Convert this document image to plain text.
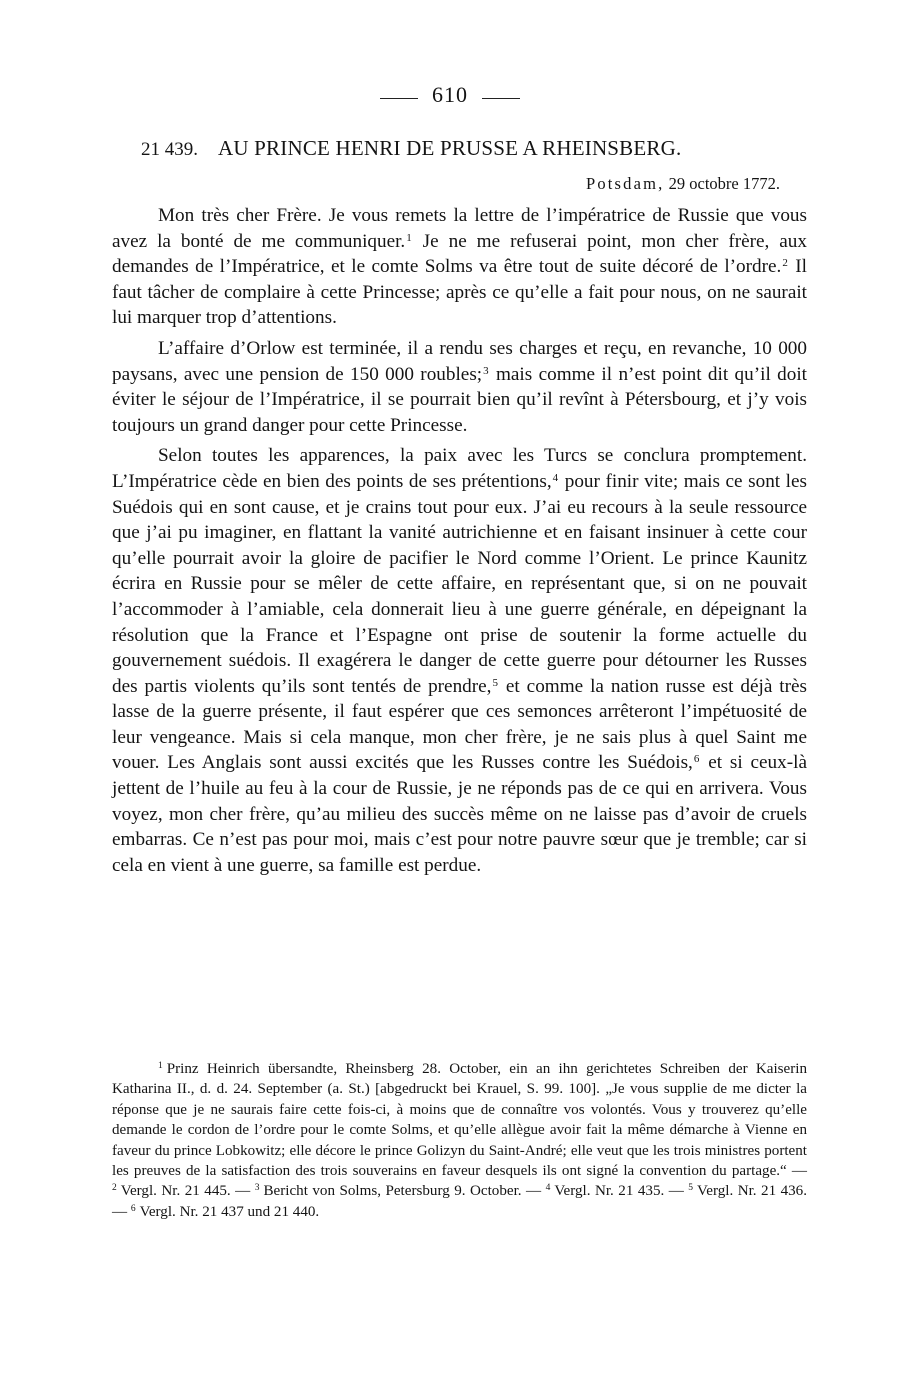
610
21 439. AU PRINCE HENRI DE PRUSSE A RHEINSBERG.
Potsdam, 29 octobre 1772.

Mon très cher Frère. Je vous remets la lettre de l’impératrice de Russie que vous avez la bonté de me communiquer.$^1$ Je ne me refuserai point, mon cher frère, aux demandes de l’Impératrice, et le comte Solms va être tout de suite décoré de l’ordre.$^2$ Il faut tâcher de complaire à cette Princesse; après ce qu’elle a fait pour nous, on ne saurait lui marquer trop d’attentions.

L’affaire d’Orlow est terminée, il a rendu ses charges et reçu, en revanche, 10 000 paysans, avec une pension de 150 000 roubles;$^3$ mais comme il n’est point dit qu’il doit éviter le séjour de l’Impératrice, il se pourrait bien qu’il revînt à Pétersbourg, et j’y vois toujours un grand danger pour cette Princesse.

Selon toutes les apparences, la paix avec les Turcs se conclura promptement. L’Impératrice cède en bien des points de ses prétentions,$^4$ pour finir vite; mais ce sont les Suédois qui en sont cause, et je crains tout pour eux. J’ai eu recours à la seule ressource que j’ai pu imaginer, en flattant la vanité autrichienne et en faisant insinuer à cette cour qu’elle pourrait avoir la gloire de pacifier le Nord comme l’Orient. Le prince Kaunitz écrira en Russie pour se mêler de cette affaire, en représentant que, si on ne pouvait l’accommoder à l’amiable, cela donnerait lieu à une guerre générale, en dépeignant la résolution que la France et l’Espagne ont prise de soutenir la forme actuelle du gouvernement suédois. Il exagérera le danger de cette guerre pour détourner les Russes des partis violents qu’ils sont tentés de prendre,$^5$ et comme la nation russe est déjà très lasse de la guerre présente, il faut espérer que ces semonces arrêteront l’impétuosité de leur vengeance. Mais si cela manque, mon cher frère, je ne sais plus à quel Saint me vouer. Les Anglais sont aussi excités que les Russes contre les Suédois,$^6$ et si ceux-là jettent de l’huile au feu à la cour de Russie, je ne réponds pas de ce qui en arrivera. Vous voyez, mon cher frère, qu’au milieu des succès même on ne laisse pas d’avoir de cruels embarras. Ce n’est pas pour moi, mais c’est pour notre pauvre sœur que je tremble; car si cela en vient à une guerre, sa famille est perdue.

$^1$ Prinz Heinrich übersandte, Rheinsberg 28. October, ein an ihn gerichtetes Schreiben der Kaiserin Katharina II., d. d. 24. September (a. St.) [abgedruckt bei Krauel, S. 99. 100]. „Je vous supplie de me dicter la réponse que je ne saurais faire cette fois-ci, à moins que de connaître vos volontés. Vous y trouverez qu’elle demande le cordon de l’ordre pour le comte Solms, et qu’elle allègue avoir fait la même démarche à Vienne en faveur du prince Lobkowitz; elle décore le prince Golizyn du Saint-André; elle veut que les trois ministres portent les preuves de la satisfaction des trois souverains en faveur desquels ils ont signé la convention du partage.“ — $^2$ Vergl. Nr. 21 445. — $^3$ Bericht von Solms, Petersburg 9. October. — $^4$ Vergl. Nr. 21 435. — $^5$ Vergl. Nr. 21 436. — $^6$ Vergl. Nr. 21 437 und 21 440.
